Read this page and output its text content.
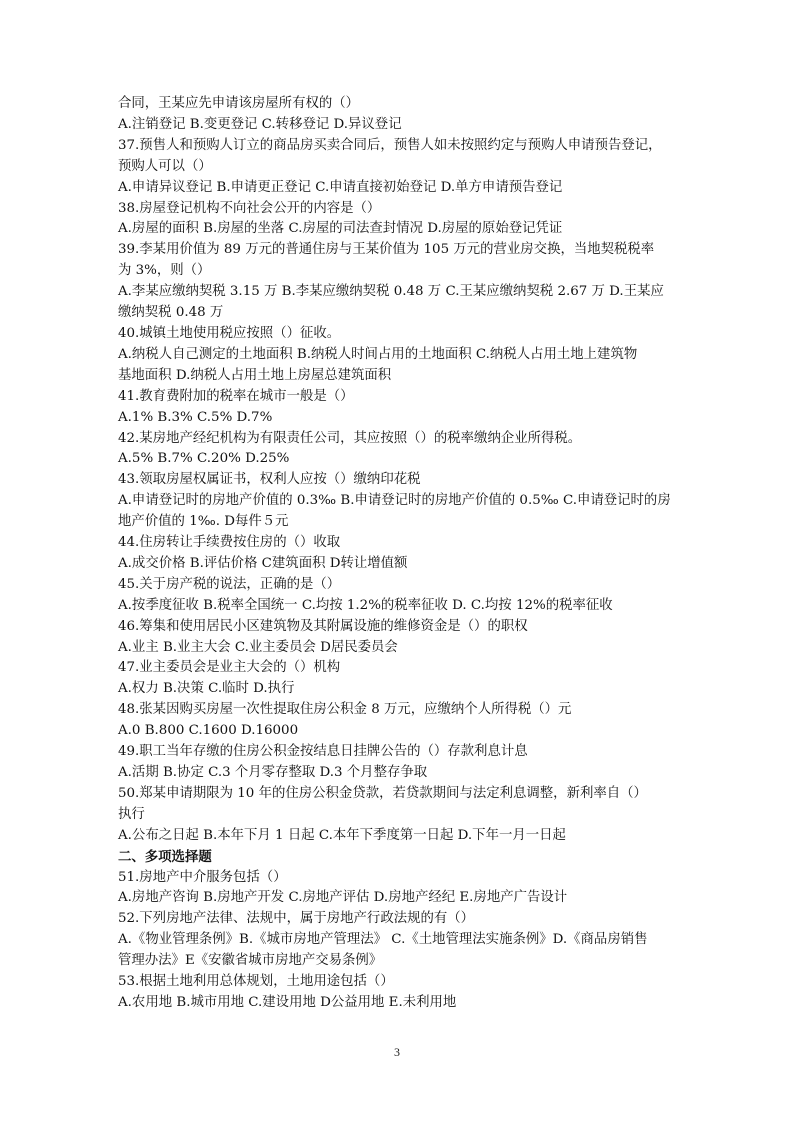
合同，王某应先申请该房屋所有权的（）
A.注销登记 B.变更登记 C.转移登记 D.异议登记
37.预售人和预购人订立的商品房买卖合同后，预售人如未按照约定与预购人申请预告登记，
预购人可以（）
A.申请异议登记 B.申请更正登记 C.申请直接初始登记 D.单方申请预告登记
38.房屋登记机构不向社会公开的内容是（）
A.房屋的面积 B.房屋的坐落 C.房屋的司法查封情况 D.房屋的原始登记凭证
39.李某用价值为 89 万元的普通住房与王某价值为 105 万元的营业房交换，当地契税税率
为 3%，则（）
A.李某应缴纳契税 3.15 万 B.李某应缴纳契税 0.48 万 C.王某应缴纳契税 2.67 万 D.王某应
缴纳契税 0.48 万
40.城镇土地使用税应按照（）征收。
A.纳税人自己测定的土地面积 B.纳税人时间占用的土地面积 C.纳税人占用土地上建筑物
基地面积 D.纳税人占用土地上房屋总建筑面积
41.教育费附加的税率在城市一般是（）
A.1% B.3% C.5% D.7%
42.某房地产经纪机构为有限责任公司，其应按照（）的税率缴纳企业所得税。
A.5% B.7% C.20% D.25%
43.领取房屋权属证书，权利人应按（）缴纳印花税
A.申请登记时的房地产价值的 0.3‰ B.申请登记时的房地产价值的 0.5‰ C.申请登记时的房
地产价值的 1‰. D每件５元
44.住房转让手续费按住房的（）收取
A.成交价格 B.评估价格 C建筑面积 D转让增值额
45.关于房产税的说法，正确的是（）
A.按季度征收 B.税率全国统一 C.均按 1.2%的税率征收 D. C.均按 12%的税率征收
46.筹集和使用居民小区建筑物及其附属设施的维修资金是（）的职权
A.业主 B.业主大会 C.业主委员会 D居民委员会
47.业主委员会是业主大会的（）机构
A.权力 B.决策 C.临时 D.执行
48.张某因购买房屋一次性提取住房公积金 8 万元，应缴纳个人所得税（）元
A.0 B.800 C.1600 D.16000
49.职工当年存缴的住房公积金按结息日挂牌公告的（）存款利息计息
A.活期 B.协定 C.3 个月零存整取 D.3 个月整存争取
50.郑某申请期限为 10 年的住房公积金贷款，若贷款期间与法定利息调整，新利率自（）
执行
A.公布之日起 B.本年下月 1 日起 C.本年下季度第一日起 D.下年一月一日起
二、多项选择题
51.房地产中介服务包括（）
A.房地产咨询 B.房地产开发 C.房地产评估 D.房地产经纪 E.房地产广告设计
52.下列房地产法律、法规中，属于房地产行政法规的有（）
A.《物业管理条例》B.《城市房地产管理法》 C.《土地管理法实施条例》D.《商品房销售
管理办法》E《安徽省城市房地产交易条例》
53.根据土地利用总体规划，土地用途包括（）
A.农用地 B.城市用地 C.建设用地 D公益用地 E.未利用地
3
